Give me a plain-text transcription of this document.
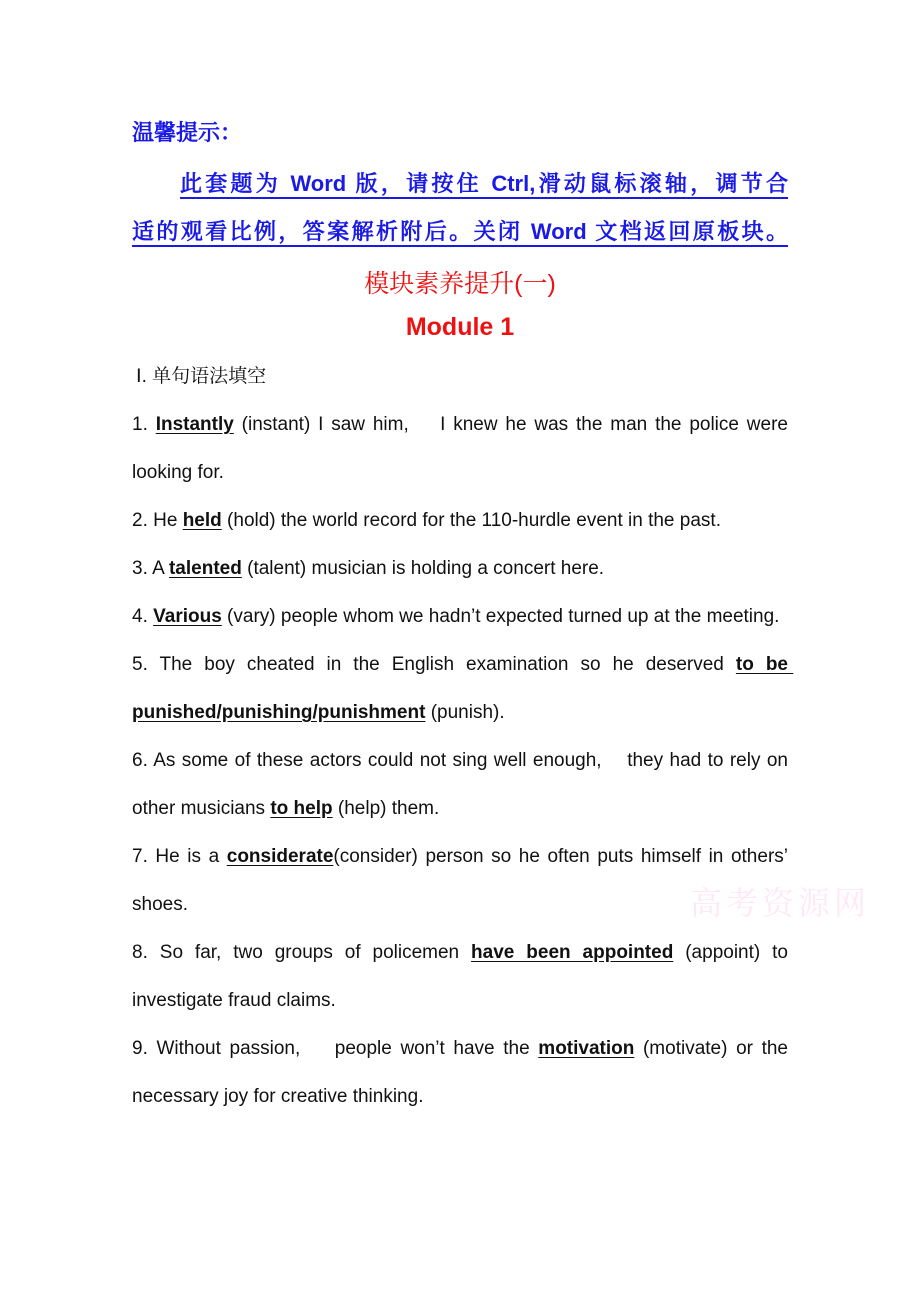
温馨提示：
此套题为 Word 版，请按住 Ctrl,滑动鼠标滚轴，调节合
适的观看比例，答案解析附后。关闭 Word 文档返回原板块。
模块素养提升(一)
Module 1
高考资源网

Ⅰ. 单句语法填空

1. Instantly (instant) I saw him,    I knew he was the man the police were looking for.

2. He held (hold) the world record for the 110-hurdle event in the past.

3. A talented (talent) musician is holding a concert here.

4. Various (vary) people whom we hadn’t expected turned up at the meeting.

5. The boy cheated in the English examination so he deserved to be punished/punishing/punishment (punish).

6. As some of these actors could not sing well enough,    they had to rely on other musicians to help (help) them.

7. He is a considerate(consider) person so he often puts himself in others’ shoes.

8. So far, two groups of policemen have been appointed (appoint) to investigate fraud claims.

9. Without passion,    people won’t have the motivation (motivate) or the necessary joy for creative thinking.
